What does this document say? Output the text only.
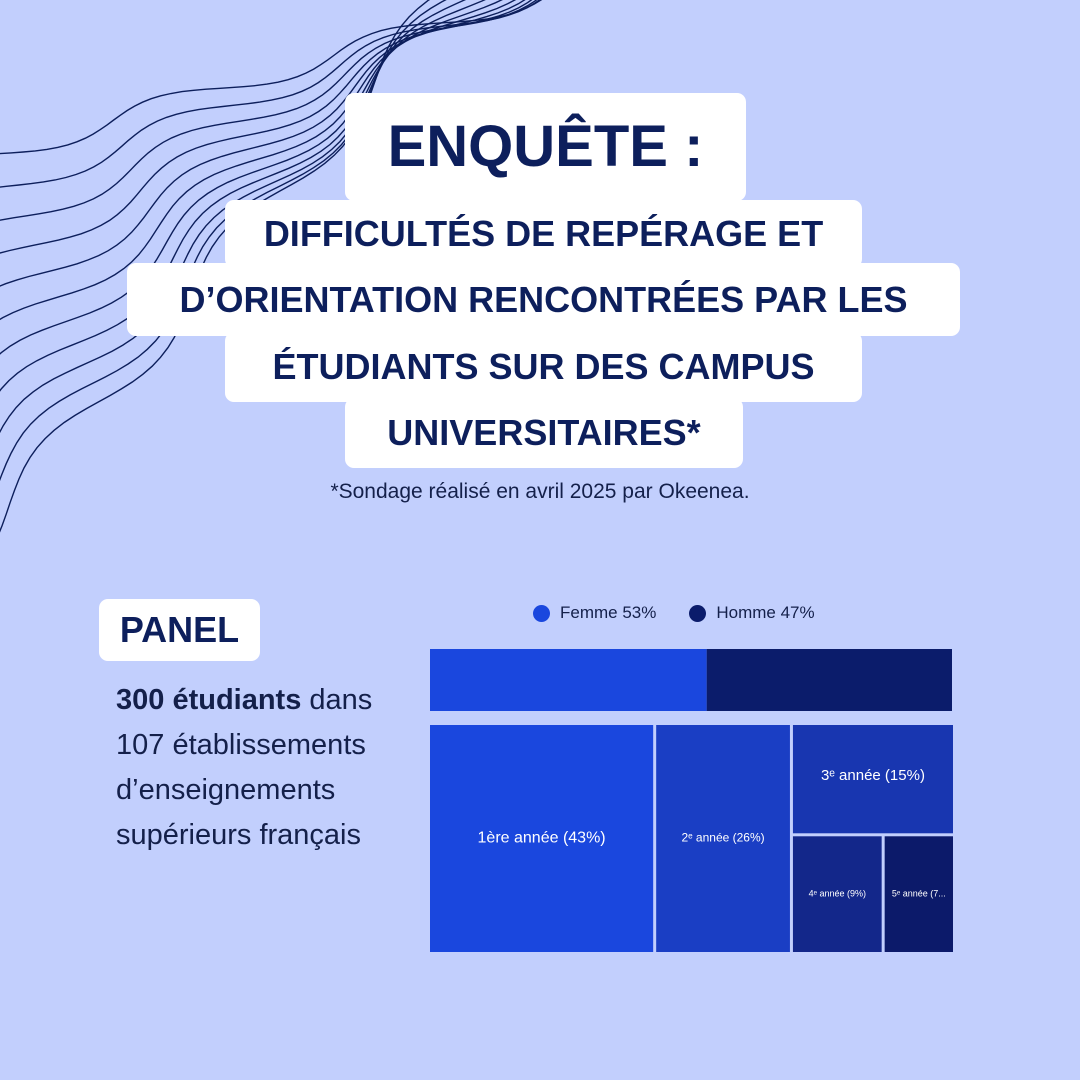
ENQUÊTE :
DIFFICULTÉS DE REPÉRAGE ET
D’ORIENTATION RENCONTRÉES PAR LES
ÉTUDIANTS SUR DES CAMPUS
UNIVERSITAIRES*
*Sondage réalisé en avril 2025 par Okeenea.
PANEL
300 étudiants dans 107 établissements d’enseignements supérieurs français
Femme 53%	Homme 47%
1ère année (43%)	2ᵉ année (26%)
3ᵉ année (15%)
4ᵉ année (9%)	5ᵉ année (7...
